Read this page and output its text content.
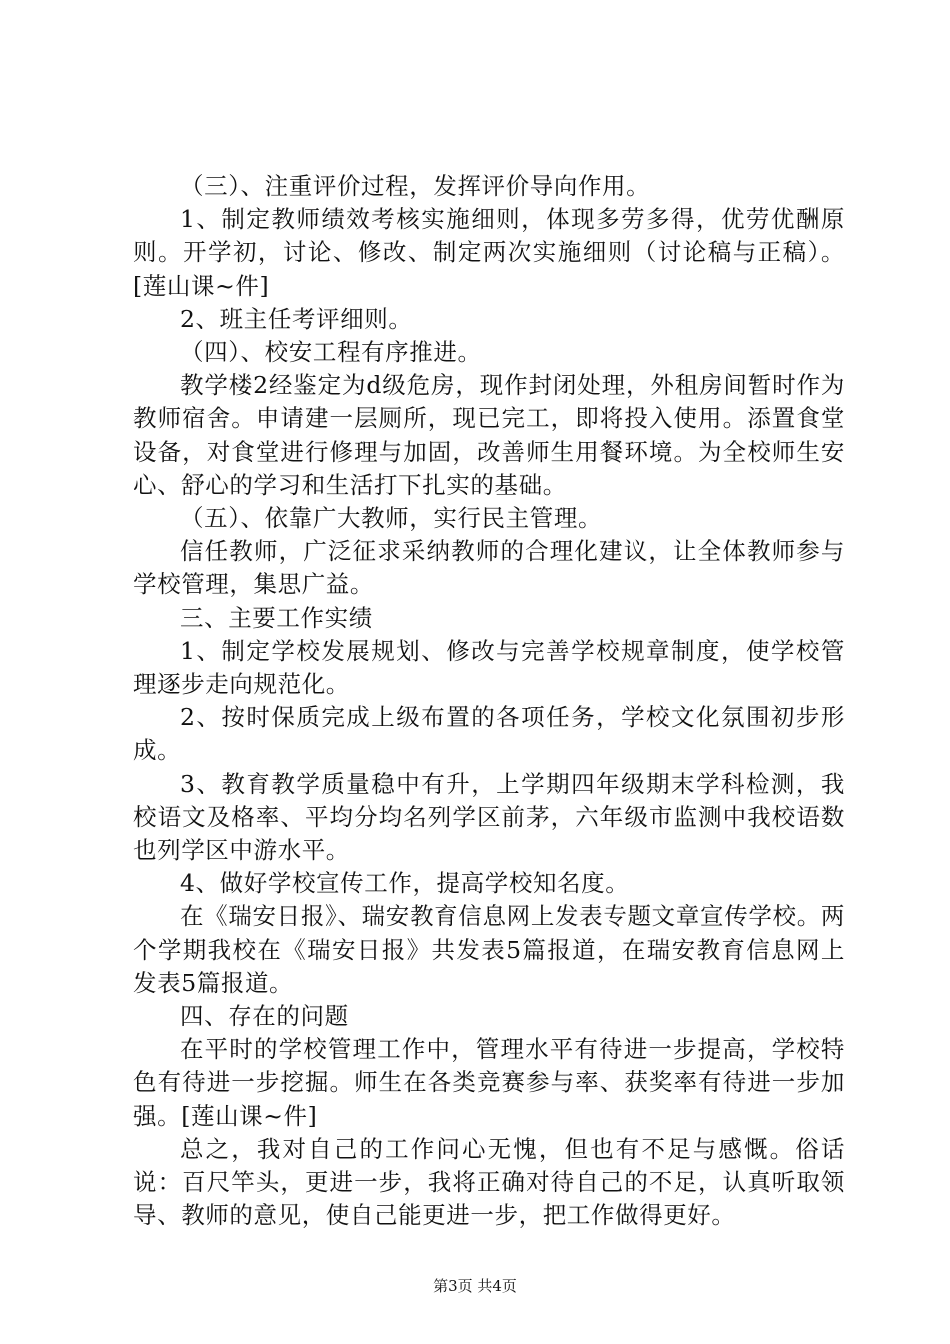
（三）、注重评价过程，发挥评价导向作用。

1、制定教师绩效考核实施细则，体现多劳多得，优劳优酬原则。开学初，讨论、修改、制定两次实施细则（讨论稿与正稿）。[莲山课~件]

2、班主任考评细则。

（四）、校安工程有序推进。

教学楼2经鉴定为d级危房，现作封闭处理，外租房间暂时作为教师宿舍。申请建一层厕所，现已完工，即将投入使用。添置食堂设备，对食堂进行修理与加固，改善师生用餐环境。为全校师生安心、舒心的学习和生活打下扎实的基础。

（五）、依靠广大教师，实行民主管理。

信任教师，广泛征求采纳教师的合理化建议，让全体教师参与学校管理，集思广益。

三、主要工作实绩

1、制定学校发展规划、修改与完善学校规章制度，使学校管理逐步走向规范化。

2、按时保质完成上级布置的各项任务，学校文化氛围初步形成。

3、教育教学质量稳中有升，上学期四年级期末学科检测，我校语文及格率、平均分均名列学区前茅，六年级市监测中我校语数也列学区中游水平。

4、做好学校宣传工作，提高学校知名度。

在《瑞安日报》、瑞安教育信息网上发表专题文章宣传学校。两个学期我校在《瑞安日报》共发表5篇报道，在瑞安教育信息网上发表5篇报道。

四、存在的问题

在平时的学校管理工作中，管理水平有待进一步提高，学校特色有待进一步挖掘。师生在各类竞赛参与率、获奖率有待进一步加强。[莲山课~件]

总之，我对自己的工作问心无愧，但也有不足与感慨。俗话说：百尺竿头，更进一步，我将正确对待自己的不足，认真听取领导、教师的意见，使自己能更进一步，把工作做得更好。

第3页 共4页
